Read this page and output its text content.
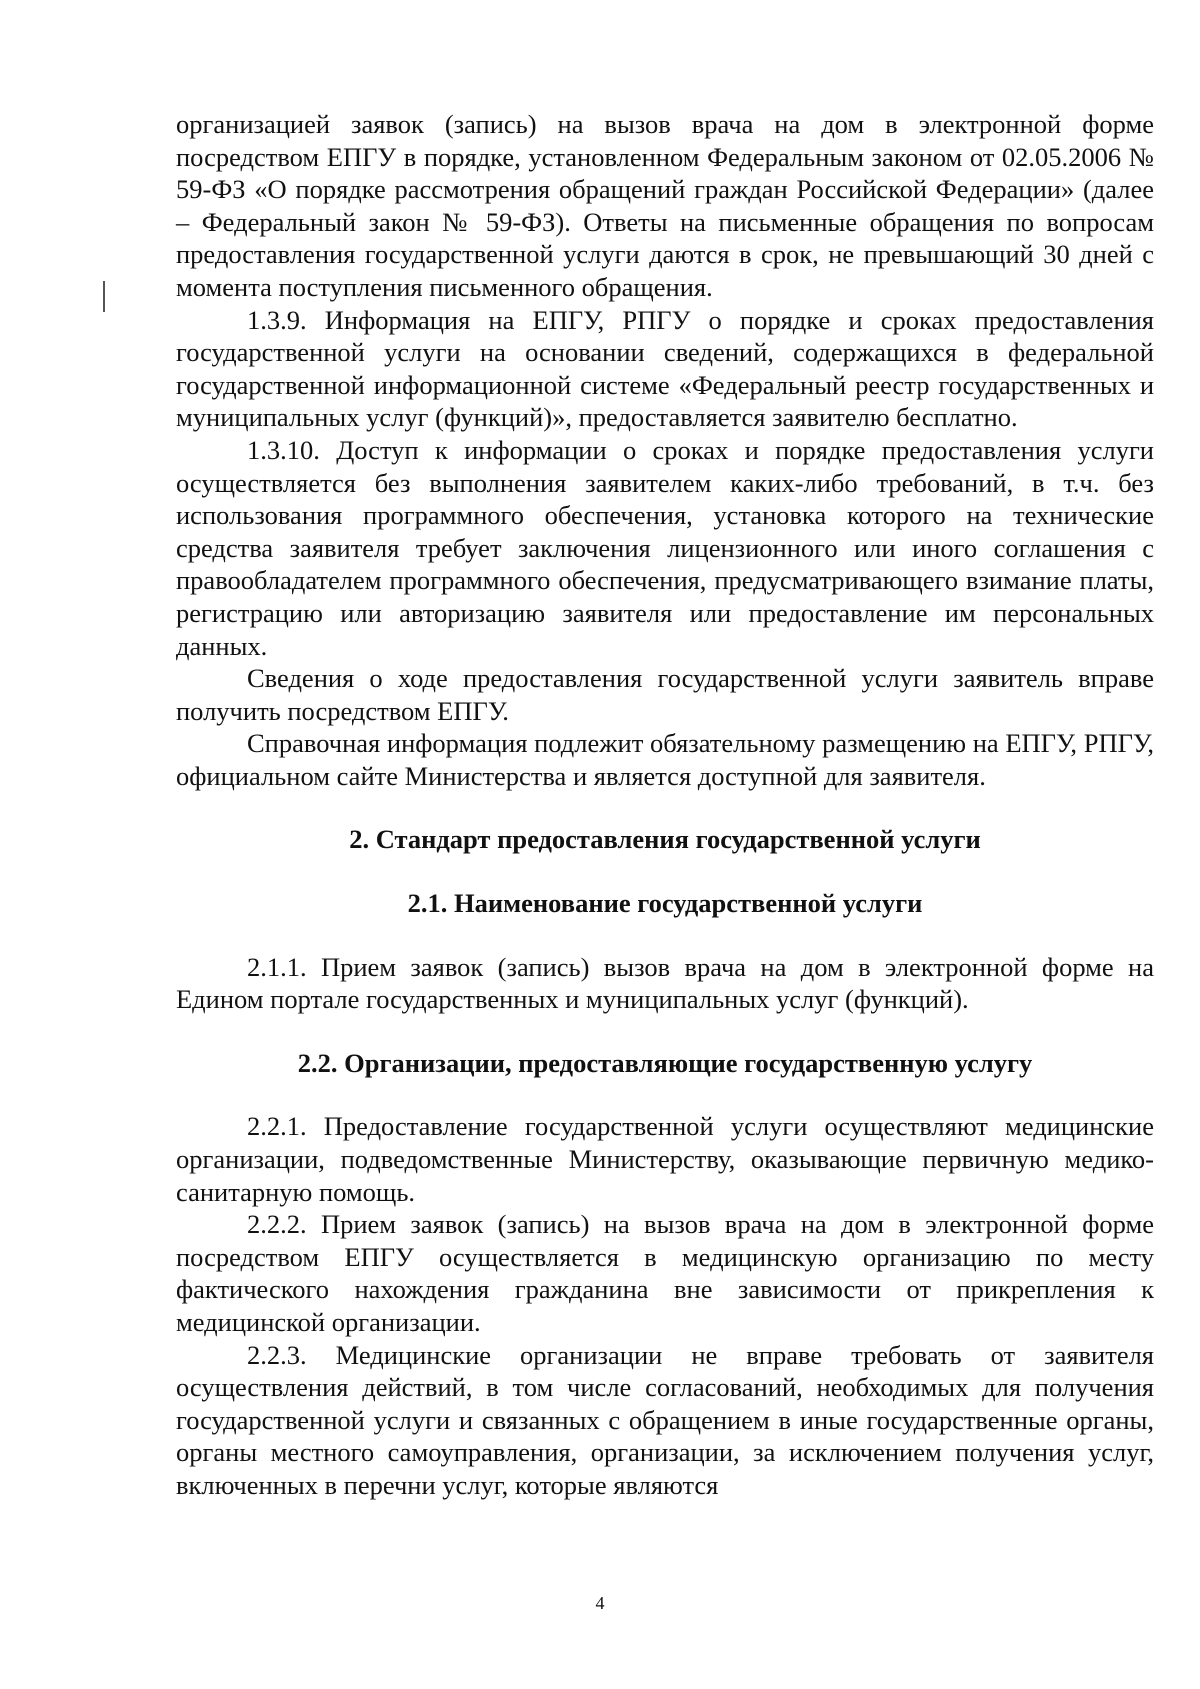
организацией заявок (запись) на вызов врача на дом в электронной форме посредством ЕПГУ в порядке, установленном Федеральным законом от 02.05.2006 № 59-ФЗ «О порядке рассмотрения обращений граждан Российской Федерации» (далее – Федеральный закон № 59-ФЗ). Ответы на письменные обращения по вопросам предоставления государственной услуги даются в срок, не превышающий 30 дней с момента поступления письменного обращения.

1.3.9. Информация на ЕПГУ, РПГУ о порядке и сроках предоставления государственной услуги на основании сведений, содержащихся в федеральной государственной информационной системе «Федеральный реестр государственных и муниципальных услуг (функций)», предоставляется заявителю бесплатно.

1.3.10. Доступ к информации о сроках и порядке предоставления услуги осуществляется без выполнения заявителем каких-либо требований, в т.ч. без использования программного обеспечения, установка которого на технические средства заявителя требует заключения лицензионного или иного соглашения с правообладателем программного обеспечения, предусматривающего взимание платы, регистрацию или авторизацию заявителя или предоставление им персональных данных.

Сведения о ходе предоставления государственной услуги заявитель вправе получить посредством ЕПГУ.

Справочная информация подлежит обязательному размещению на ЕПГУ, РПГУ, официальном сайте Министерства и является доступной для заявителя.

2. Стандарт предоставления государственной услуги
2.1. Наименование государственной услуги

2.1.1. Прием заявок (запись) вызов врача на дом в электронной форме на Едином портале государственных и муниципальных услуг (функций).

2.2. Организации, предоставляющие государственную услугу

2.2.1. Предоставление государственной услуги осуществляют медицинские организации, подведомственные Министерству, оказывающие первичную медико-санитарную помощь.

2.2.2. Прием заявок (запись) на вызов врача на дом в электронной форме посредством ЕПГУ осуществляется в медицинскую организацию по месту фактического нахождения гражданина вне зависимости от прикрепления к медицинской организации.

2.2.3. Медицинские организации не вправе требовать от заявителя осуществления действий, в том числе согласований, необходимых для получения государственной услуги и связанных с обращением в иные государственные органы, органы местного самоуправления, организации, за исключением получения услуг, включенных в перечни услуг, которые являются

4
